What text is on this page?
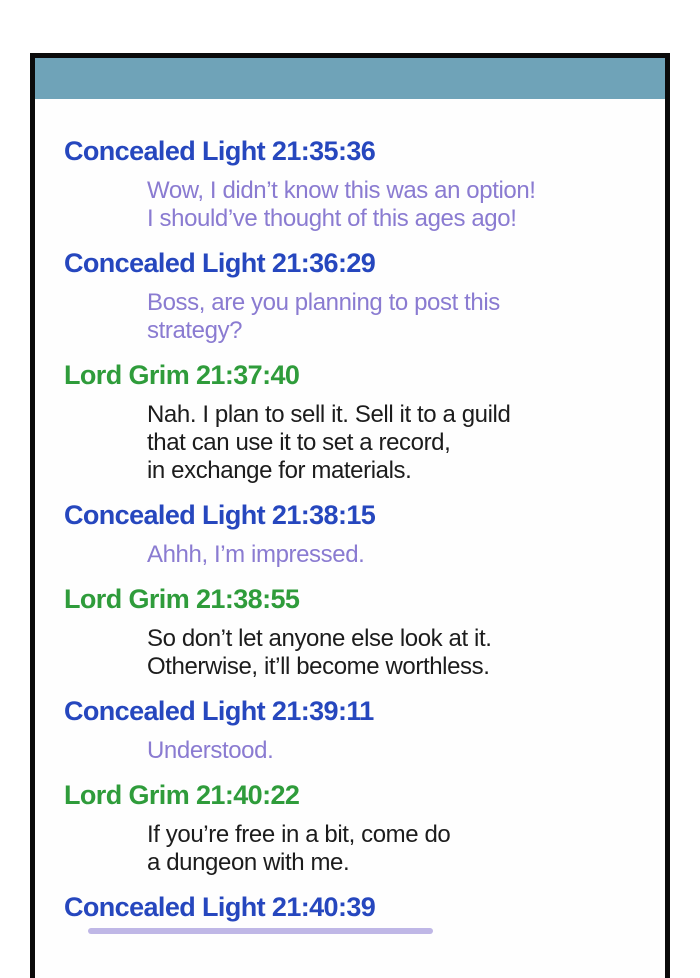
Concealed Light 21:35:36
Wow, I didn’t know this was an option!
I should’ve thought of this ages ago!
Concealed Light 21:36:29
Boss, are you planning to post this
strategy?
Lord Grim 21:37:40
Nah. I plan to sell it. Sell it to a guild
that can use it to set a record,
in exchange for materials.
Concealed Light 21:38:15
Ahhh, I’m impressed.
Lord Grim 21:38:55
So don’t let anyone else look at it.
Otherwise, it’ll become worthless.
Concealed Light 21:39:11
Understood.
Lord Grim 21:40:22
If you’re free in a bit, come do
a dungeon with me.
Concealed Light 21:40:39
